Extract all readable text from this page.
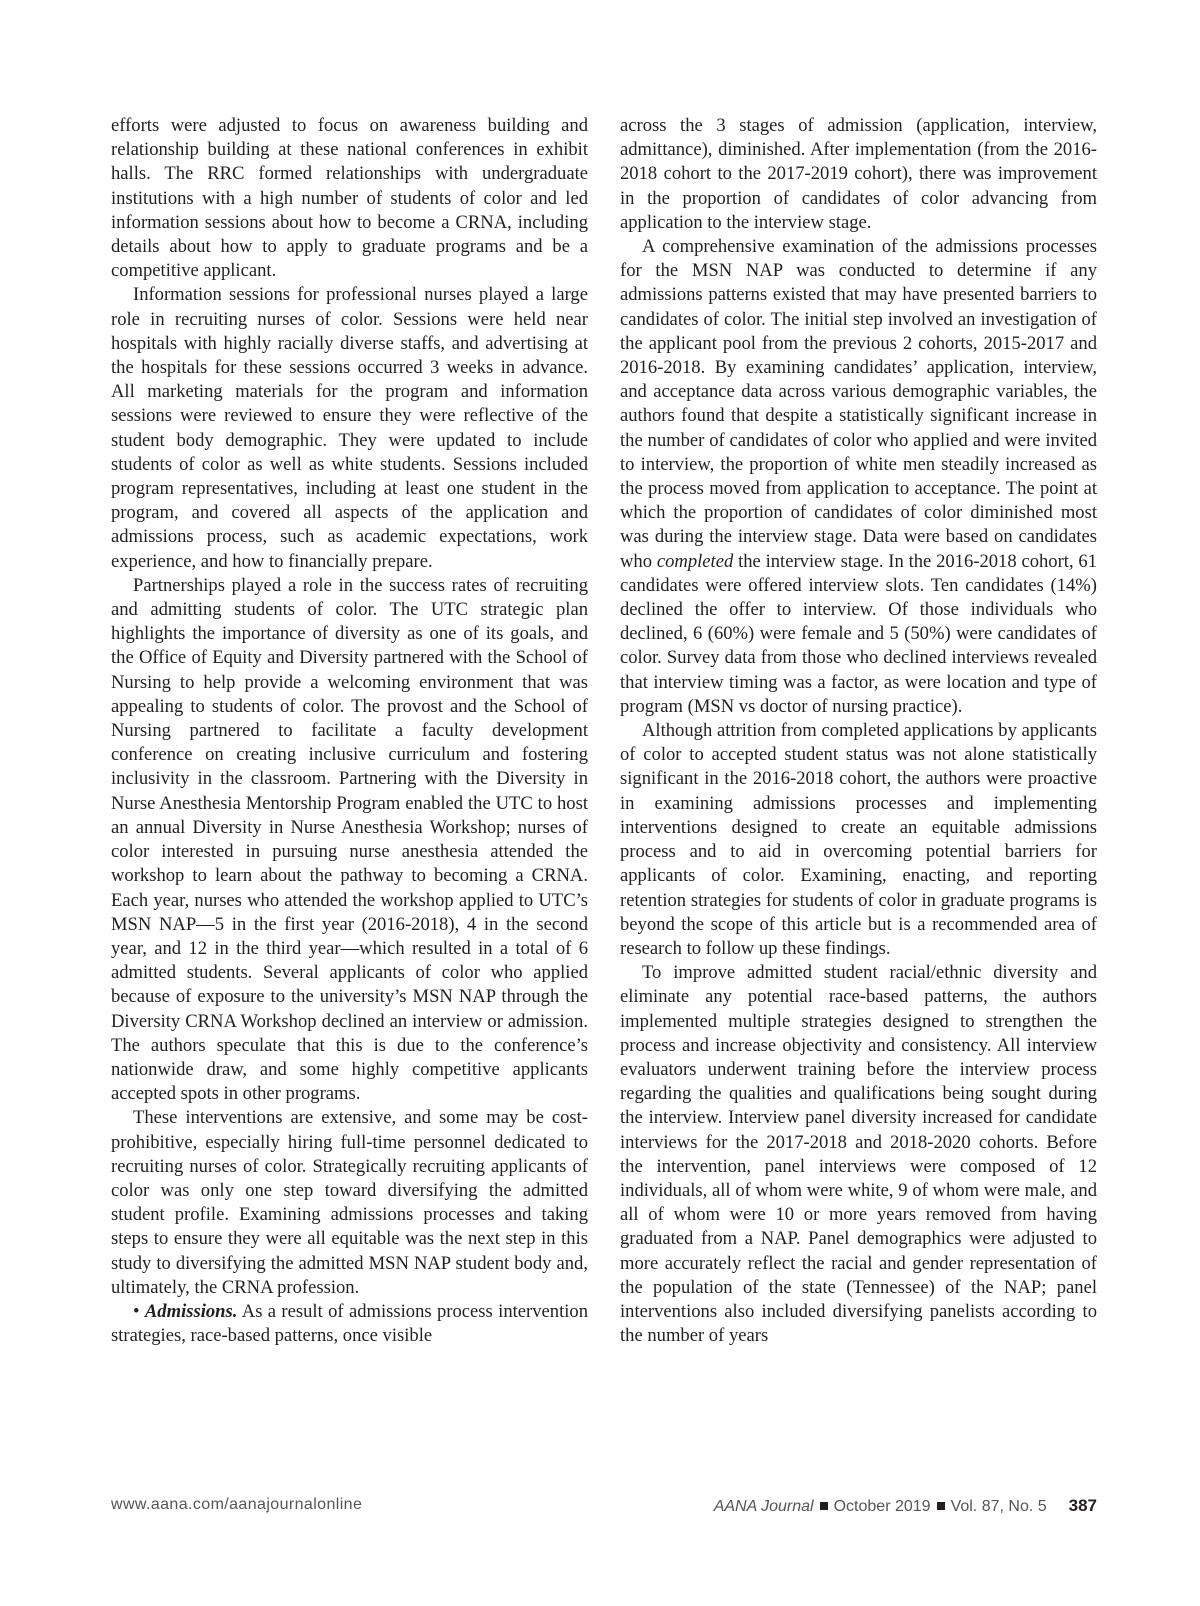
efforts were adjusted to focus on awareness building and relationship building at these national conferences in exhibit halls. The RRC formed relationships with undergraduate institutions with a high number of students of color and led information sessions about how to become a CRNA, including details about how to apply to graduate programs and be a competitive applicant.

Information sessions for professional nurses played a large role in recruiting nurses of color. Sessions were held near hospitals with highly racially diverse staffs, and advertising at the hospitals for these sessions occurred 3 weeks in advance. All marketing materials for the program and information sessions were reviewed to ensure they were reflective of the student body demographic. They were updated to include students of color as well as white students. Sessions included program representatives, including at least one student in the program, and covered all aspects of the application and admissions process, such as academic expectations, work experience, and how to financially prepare.

Partnerships played a role in the success rates of recruiting and admitting students of color. The UTC strategic plan highlights the importance of diversity as one of its goals, and the Office of Equity and Diversity partnered with the School of Nursing to help provide a welcoming environment that was appealing to students of color. The provost and the School of Nursing partnered to facilitate a faculty development conference on creating inclusive curriculum and fostering inclusivity in the classroom. Partnering with the Diversity in Nurse Anesthesia Mentorship Program enabled the UTC to host an annual Diversity in Nurse Anesthesia Workshop; nurses of color interested in pursuing nurse anesthesia attended the workshop to learn about the pathway to becoming a CRNA. Each year, nurses who attended the workshop applied to UTC’s MSN NAP—5 in the first year (2016-2018), 4 in the second year, and 12 in the third year—which resulted in a total of 6 admitted students. Several applicants of color who applied because of exposure to the university’s MSN NAP through the Diversity CRNA Workshop declined an interview or admission. The authors speculate that this is due to the conference’s nationwide draw, and some highly competitive applicants accepted spots in other programs.

These interventions are extensive, and some may be cost-prohibitive, especially hiring full-time personnel dedicated to recruiting nurses of color. Strategically recruiting applicants of color was only one step toward diversifying the admitted student profile. Examining admissions processes and taking steps to ensure they were all equitable was the next step in this study to diversifying the admitted MSN NAP student body and, ultimately, the CRNA profession.

• Admissions. As a result of admissions process intervention strategies, race-based patterns, once visible

across the 3 stages of admission (application, interview, admittance), diminished. After implementation (from the 2016-2018 cohort to the 2017-2019 cohort), there was improvement in the proportion of candidates of color advancing from application to the interview stage.

A comprehensive examination of the admissions processes for the MSN NAP was conducted to determine if any admissions patterns existed that may have presented barriers to candidates of color. The initial step involved an investigation of the applicant pool from the previous 2 cohorts, 2015-2017 and 2016-2018. By examining candidates’ application, interview, and acceptance data across various demographic variables, the authors found that despite a statistically significant increase in the number of candidates of color who applied and were invited to interview, the proportion of white men steadily increased as the process moved from application to acceptance. The point at which the proportion of candidates of color diminished most was during the interview stage. Data were based on candidates who completed the interview stage. In the 2016-2018 cohort, 61 candidates were offered interview slots. Ten candidates (14%) declined the offer to interview. Of those individuals who declined, 6 (60%) were female and 5 (50%) were candidates of color. Survey data from those who declined interviews revealed that interview timing was a factor, as were location and type of program (MSN vs doctor of nursing practice).

Although attrition from completed applications by applicants of color to accepted student status was not alone statistically significant in the 2016-2018 cohort, the authors were proactive in examining admissions processes and implementing interventions designed to create an equitable admissions process and to aid in overcoming potential barriers for applicants of color. Examining, enacting, and reporting retention strategies for students of color in graduate programs is beyond the scope of this article but is a recommended area of research to follow up these findings.

To improve admitted student racial/ethnic diversity and eliminate any potential race-based patterns, the authors implemented multiple strategies designed to strengthen the process and increase objectivity and consistency. All interview evaluators underwent training before the interview process regarding the qualities and qualifications being sought during the interview. Interview panel diversity increased for candidate interviews for the 2017-2018 and 2018-2020 cohorts. Before the intervention, panel interviews were composed of 12 individuals, all of whom were white, 9 of whom were male, and all of whom were 10 or more years removed from having graduated from a NAP. Panel demographics were adjusted to more accurately reflect the racial and gender representation of the population of the state (Tennessee) of the NAP; panel interventions also included diversifying panelists according to the number of years

www.aana.com/aanajournalonline	AANA Journal October 2019 Vol. 87, No. 5 387
